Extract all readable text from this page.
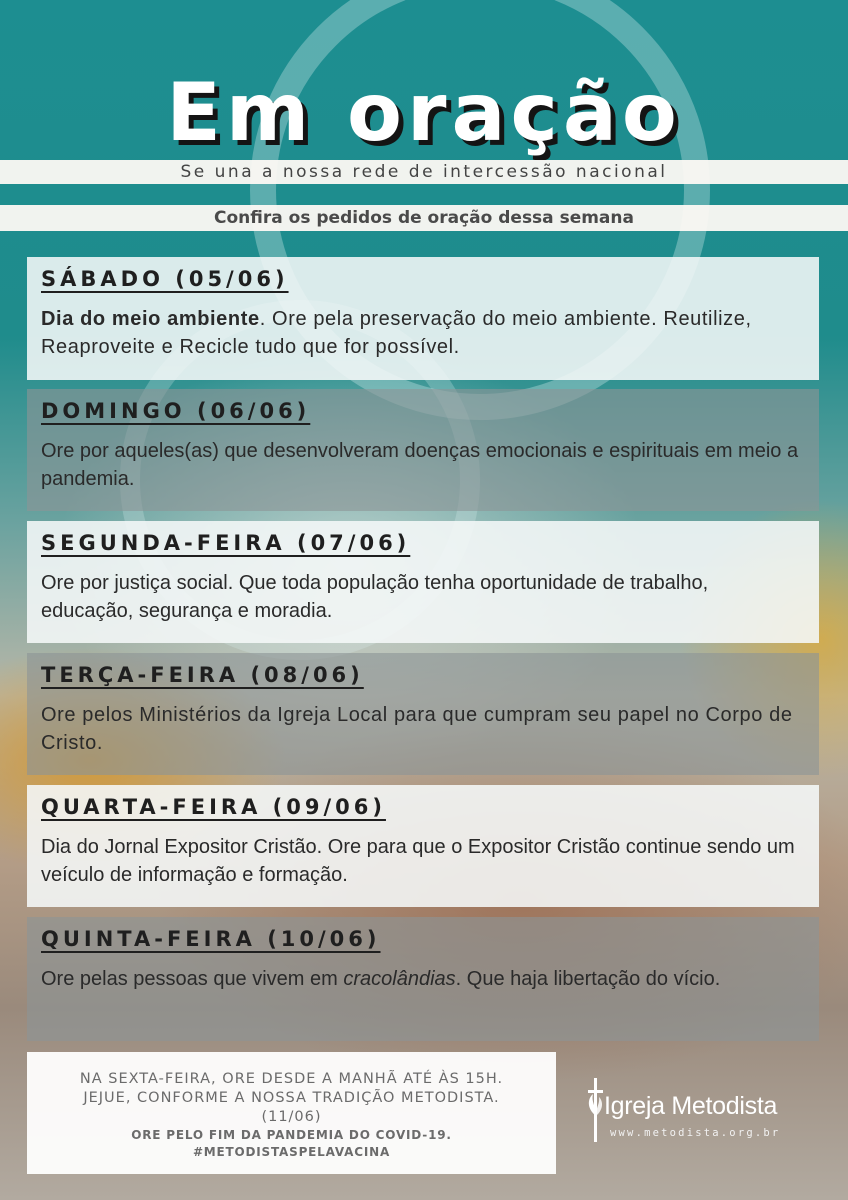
Em oração
Se una a nossa rede de intercessão nacional
Confira os pedidos de oração dessa semana
SÁBADO (05/06)
Dia do meio ambiente. Ore pela preservação do meio ambiente. Reutilize, Reaproveite e Recicle tudo que for possível.
DOMINGO (06/06)
Ore por aqueles(as) que desenvolveram doenças emocionais e espirituais em meio a pandemia.
SEGUNDA-FEIRA (07/06)
Ore por justiça social. Que toda população tenha oportunidade de trabalho, educação, segurança e moradia.
TERÇA-FEIRA (08/06)
Ore pelos Ministérios da Igreja Local para que cumpram seu papel no Corpo de Cristo.
QUARTA-FEIRA (09/06)
Dia do Jornal Expositor Cristão. Ore para que o Expositor Cristão continue sendo um veículo de informação e formação.
QUINTA-FEIRA (10/06)
Ore pelas pessoas que vivem em cracolândias. Que haja libertação do vício.
NA SEXTA-FEIRA, ORE DESDE A MANHÃ ATÉ ÀS 15H.
JEJUE, CONFORME A NOSSA TRADIÇÃO METODISTA.
(11/06)
ORE PELO FIM DA PANDEMIA DO COVID-19.
#METODISTASPELAVACINA
Igreja Metodista
www.metodista.org.br
